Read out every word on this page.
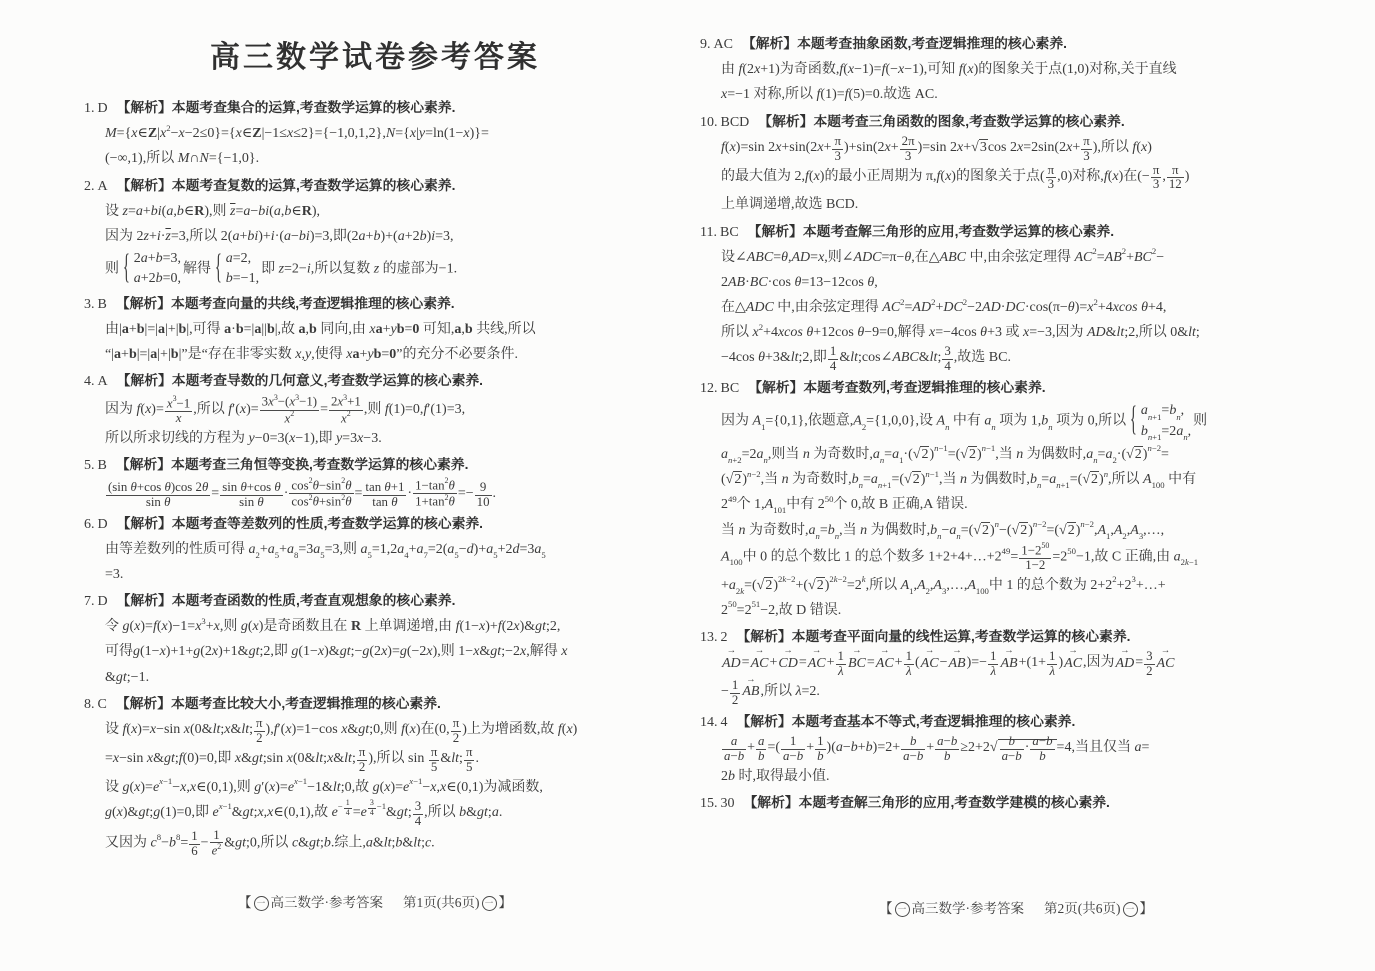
高三数学试卷参考答案
1. D 【解析】本题考查集合的运算,考查数学运算的核心素养.
$M=\{x\in Z|x^2-x-2\le 0\}=\{x\in Z|-1\le x\le 2\}=\{-1,0,1,2\},N=\{x|y=\ln(1-x)\}=$
(−∞,1),所以 M∩N={−1,0}.
2. A 【解析】本题考查复数的运算,考查数学运算的核心素养.
设 z=a+bi(a,b∈R),则 $\overline{z}=a-bi(a,b\in R)$,
因为 $2z+i\cdot\overline{z}=3$,所以 2(a+bi)+i·(a−bi)=3,即(2a+b)+(a+2b)i=3,
则 { 2a+b=3,
a+2b=0,
解得 { a=2,
b=−1,
即 z=2−i,所以复数 z 的虚部为−1.
3. B 【解析】本题考查向量的共线,考查逻辑推理的核心素养.
由|a+b|=|a|+|b|,可得 a·b=|a||b|,故 a,b 同向,由 xa+yb=0 可知,a,b 共线,所以
“|a+b|=|a|+|b|”是“存在非零实数 x,y,使得 xa+yb=0”的充分不必要条件.
4. A 【解析】本题考查导数的几何意义,考查数学运算的核心素养.
因为 $f(x)= \frac{x^3-1}{x}$ ,所以 $f'(x)= \frac{3x^3-(x^3-1)}{x^2} = \frac{2x^3+1}{x^2}$ ,则 f(1)=0,f′(1)=3,
所以所求切线的方程为 y−0=3(x−1),即 y=3x−3.
5. B 【解析】本题考查三角恒等变换,考查数学运算的核心素养.
$\frac{\text{(sin θ+cos θ)cos 2θ}}{\text{sin θ}} = \frac{\text{sin θ+cos θ}}{\text{sin θ}} \cdot \frac{\cos^2\theta-\sin^2\theta}{\cos^2\theta+\sin^2\theta} = \frac{\text{tan θ+1}}{\text{tan θ}} \cdot \frac{1-\tan^2\theta}{1+\tan^2\theta} =- \frac{9}{10}$ .
6. D 【解析】本题考查等差数列的性质,考查数学运算的核心素养.
由等差数列的性质可得 $a_2+a_5+a_8=3a_5=3$,则 $a_5=1,2a_4+a_7=2(a_5-d)+a_5+2d=3a_5$
=3.
7. D 【解析】本题考查函数的性质,考查直观想象的核心素养.
令 $g(x)=f(x)-1=x^3+x$,则 g(x)是奇函数且在 R 上单调递增,由 f(1−x)+f(2x)&gt;2,
可得g(1−x)+1+g(2x)+1&gt;2,即 g(1−x)&gt;−g(2x)=g(−2x),则 1−x&gt;−2x,解得 x
&gt;−1.
8. C 【解析】本题考查比较大小,考查逻辑推理的核心素养.
设 f(x)=x−sin x(0&lt;x&lt; $\frac{\pi}{2} ),f'(x)=1-\cos$ x&gt;0,则 f(x)在(0, $\frac{\pi}{2}$ )上为增函数,故 f(x)
=x−sin x&gt;f(0)=0,即 x&gt;sin x(0&lt;x&lt; $\frac{\pi}{2}$ ),所以 $\sin \frac{\pi}{5}$ &lt; $\frac{\pi}{5}$ .
设 $g(x)=e^{x-1}-x,x\in(0,1)$,则 $g'(x)=e^{x-1}-1\&lt;0$,故 $g(x)=e^{x-1}-x,x\in(0,1)$为减函数,
g(x)&gt;g(1)=0,即 $e^{x-1}\&gt;x,x\in(0,1)$,故 $e^{- \frac{1}{4}} =e$ $^{\frac{3}{4} -1}$&gt; $\frac{3}{4}$ ,所以 b&gt;a.
又因为 $c^8-b^8= \frac{1}{6} - \frac{1}{e^2}$ &gt;0,所以 c&gt;b.综上,a&lt;b&lt;c.
9. AC 【解析】本题考查抽象函数,考查逻辑推理的核心素养.
由 f(2x+1)为奇函数,f(x−1)=f(−x−1),可知 f(x)的图象关于点(1,0)对称,关于直线
x=−1 对称,所以 f(1)=f(5)=0.故选 AC.
10. BCD 【解析】本题考查三角函数的图象,考查数学运算的核心素养.
f(x)=sin $2x+\sin(2x+ \frac{\pi}{3} )+\sin(2x+ \frac{2\pi}{3} )=\sin$ 2x+ √ 3cos $2x=2\sin(2x+ \frac{\pi}{3}$ ),所以 f(x)
的最大值为 2,f(x)的最小正周期为 π,f(x)的图象关于点( $\frac{\pi}{3} ,0$)对称,f(x)在(− $\frac{\pi}{3}$ , $\frac{\pi}{12}$ )
上单调递增,故选 BCD.
11. BC 【解析】本题考查解三角形的应用,考查数学运算的核心素养.
设∠ABC=θ,AD=x,则∠ADC=π−θ,在△ABC 中,由余弦定理得 $AC^2=AB^2+BC^2-$
2AB·BC·cos θ=13−12cos θ,
在△ADC 中,由余弦定理得 $AC^2=AD^2+DC^2-2AD\cdot DC\cdot\cos(\pi-\theta)=x^2+4xcos$ θ+4,
所以 $x^2+4xcos$ θ+12cos θ−9=0,解得 x=−4cos θ+3 或 x=−3,因为 AD&lt;2,所以 0&lt;
−4cos θ+3&lt;2,即 $\frac{1}{4}$ &lt;cos∠ABC&lt; $\frac{3}{4}$ ,故选 BC.
12. BC 【解析】本题考查数列,考查逻辑推理的核心素养.
因为 $A_1=\{0,1\}$,依题意$,A_2=\{1,0,0\}$,设 $A_n$ 中有 $a_n$ 项为 $1,b_n$ 项为 0,所以 { $a_{n+1}=b_n$,
$b_{n+1}=2a_n$,
则
$a_{n+2}=2a_n$,则当 n 为奇数时$,a_n=a_1\cdot$( √ 2)$^{n-1}$=( √ 2)$^{n-1}$,当 n 为偶数时$,a_n=a_2\cdot$( √ 2)$^{n-2}$=
( √ 2)$^{n-2}$,当 n 为奇数时$,b_n=a_{n+1}=$( √ 2)$^{n-1}$,当 n 为偶数时$,b_n=a_{n+1}=$( √ 2)$^n$,所以 $A_{100}$ 中有
$2^{49}$个 $1,A_{101}$中有 $2^{50}$个 0,故 B 正确,A 错误.
当 n 为奇数时$,a_n=b_n$,当 n 为偶数时$,b_n-a_n=$( √ 2)$^n$−( √ 2)$^{n-2}$=( √ $2)^{n-2},A_1,A_2,A_3,\dots$,
$A_{100}$中 0 的总个数比 1 的总个数多 $1+2+4+\dots+2^{49}= \frac{1-2^{50}}{1-2} =2^{50}-1$,故 C 正确,由 $a_{2k-1}$
$+a_{2k}=$( √ 2)$^{2k-2}$+( √ $2)^{2k-2}=2^k$,所以 $A_1,A_2,A_3,\dots,A_{100}$中 1 的总个数为 $2+2^2+2^3+\dots+$
$2^{50}=2^{51}-2$,故 D 错误.
13. 2 【解析】本题考查平面向量的线性运算,考查数学运算的核心素养.
→ $AD=\to AC+\to CD=\to AC+ \frac{1}{\lambda} \to BC=\to AC+ \frac{1}{\lambda}$ (→ $AC-\to AB)=- \frac{1}{\lambda} \to AB+(1+ \frac{1}{\lambda}$ )→ AC,因为→ $AD= \frac{3}{2}$ → AC
− $\frac{1}{2}$ → AB,所以 λ=2.
14. 4 【解析】本题考查基本不等式,考查逻辑推理的核心素养.
$\frac{a}{a-b} + \frac{a}{b}$ =( $\frac{1}{a-b} + \frac{1}{b} )(a-b+b)=2+ \frac{b}{a-b} + \frac{a-b}{b} \ge 2+2$ √ $\frac{b}{a-b} \cdot \frac{a-b}{b} =4$,当且仅当 a=
2b 时,取得最小值.
15. 30 【解析】本题考查解三角形的应用,考查数学建模的核心素养.
【 一 高三数学·参考答案 第1页(共6页) 一 】	【 一 高三数学·参考答案 第2页(共6页) 一 】
